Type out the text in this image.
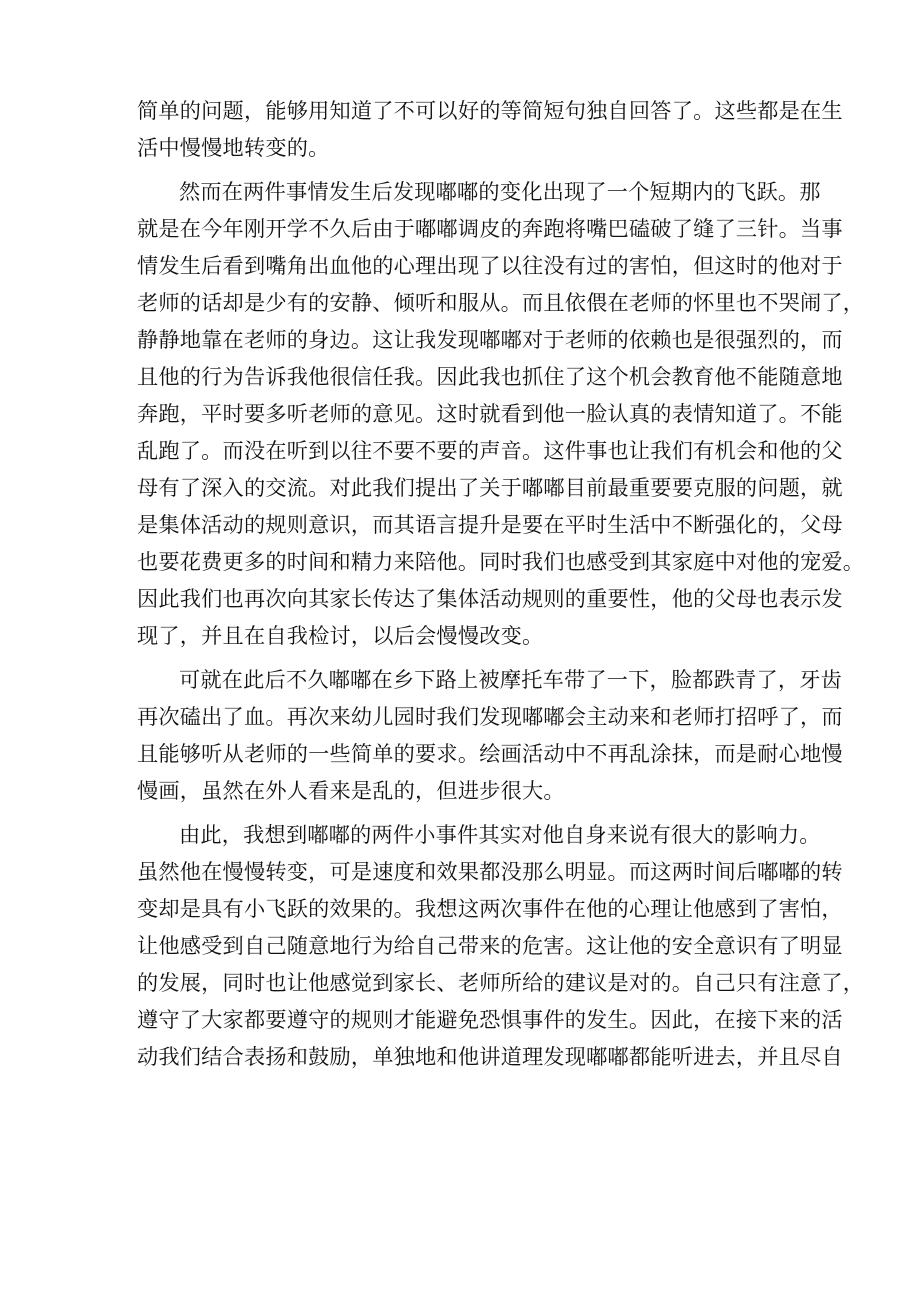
简单的问题，能够用知道了不可以好的等简短句独自回答了。这些都是在生
活中慢慢地转变的。
然而在两件事情发生后发现嘟嘟的变化出现了一个短期内的飞跃。那
就是在今年刚开学不久后由于嘟嘟调皮的奔跑将嘴巴磕破了缝了三针。当事
情发生后看到嘴角出血他的心理出现了以往没有过的害怕，但这时的他对于
老师的话却是少有的安静、倾听和服从。而且依偎在老师的怀里也不哭闹了，
静静地靠在老师的身边。这让我发现嘟嘟对于老师的依赖也是很强烈的，而
且他的行为告诉我他很信任我。因此我也抓住了这个机会教育他不能随意地
奔跑，平时要多听老师的意见。这时就看到他一脸认真的表情知道了。不能
乱跑了。而没在听到以往不要不要的声音。这件事也让我们有机会和他的父
母有了深入的交流。对此我们提出了关于嘟嘟目前最重要要克服的问题，就
是集体活动的规则意识，而其语言提升是要在平时生活中不断强化的，父母
也要花费更多的时间和精力来陪他。同时我们也感受到其家庭中对他的宠爱。
因此我们也再次向其家长传达了集体活动规则的重要性，他的父母也表示发
现了，并且在自我检讨，以后会慢慢改变。
可就在此后不久嘟嘟在乡下路上被摩托车带了一下，脸都跌青了，牙齿
再次磕出了血。再次来幼儿园时我们发现嘟嘟会主动来和老师打招呼了，而
且能够听从老师的一些简单的要求。绘画活动中不再乱涂抹，而是耐心地慢
慢画，虽然在外人看来是乱的，但进步很大。
由此，我想到嘟嘟的两件小事件其实对他自身来说有很大的影响力。
虽然他在慢慢转变，可是速度和效果都没那么明显。而这两时间后嘟嘟的转
变却是具有小飞跃的效果的。我想这两次事件在他的心理让他感到了害怕，
让他感受到自己随意地行为给自己带来的危害。这让他的安全意识有了明显
的发展，同时也让他感觉到家长、老师所给的建议是对的。自己只有注意了，
遵守了大家都要遵守的规则才能避免恐惧事件的发生。因此，在接下来的活
动我们结合表扬和鼓励，单独地和他讲道理发现嘟嘟都能听进去，并且尽自
